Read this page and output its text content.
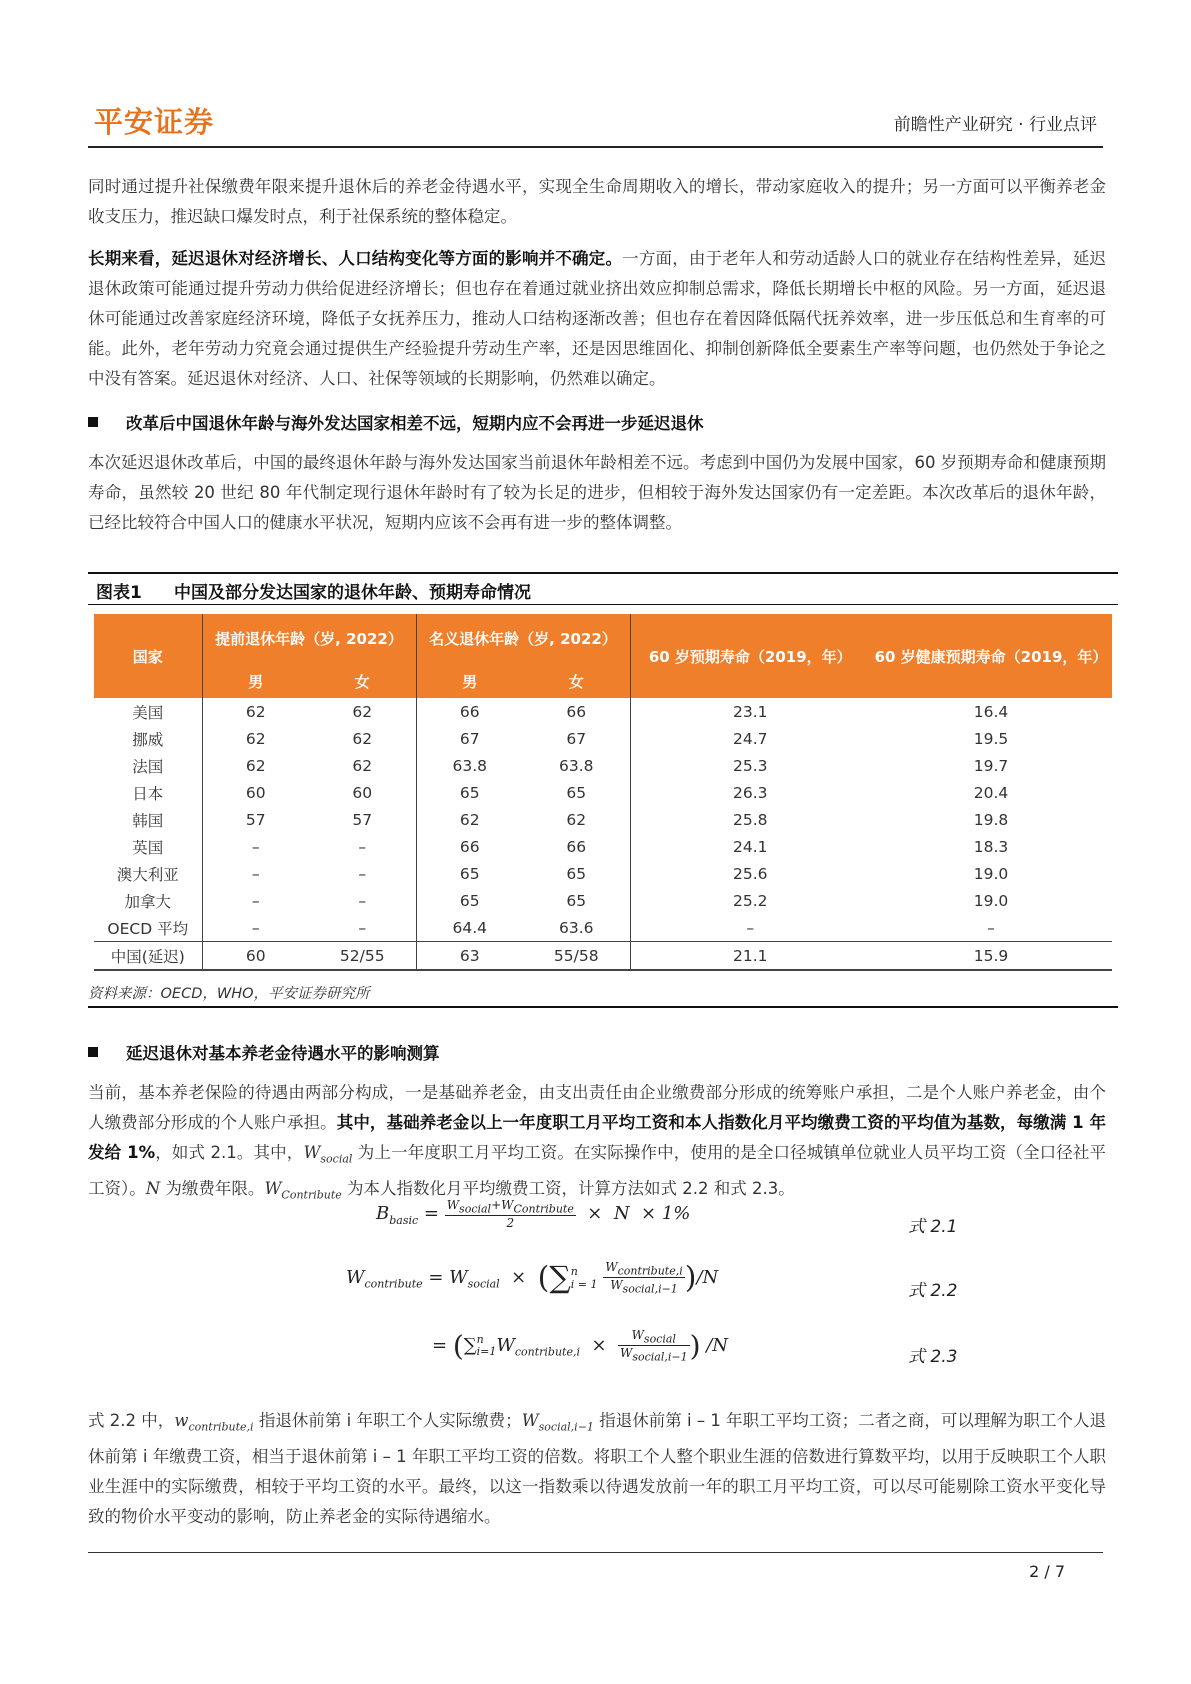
平安证券	前瞻性产业研究 · 行业点评

同时通过提升社保缴费年限来提升退休后的养老金待遇水平，实现全生命周期收入的增长，带动家庭收入的提升；另一方面可以平衡养老金收支压力，推迟缺口爆发时点，利于社保系统的整体稳定。

长期来看，延迟退休对经济增长、人口结构变化等方面的影响并不确定。一方面，由于老年人和劳动适龄人口的就业存在结构性差异，延迟退休政策可能通过提升劳动力供给促进经济增长；但也存在着通过就业挤出效应抑制总需求，降低长期增长中枢的风险。另一方面，延迟退休可能通过改善家庭经济环境，降低子女抚养压力，推动人口结构逐渐改善；但也存在着因降低隔代抚养效率，进一步压低总和生育率的可能。此外，老年劳动力究竟会通过提供生产经验提升劳动生产率，还是因思维固化、抑制创新降低全要素生产率等问题，也仍然处于争论之中没有答案。延迟退休对经济、人口、社保等领域的长期影响，仍然难以确定。

改革后中国退休年龄与海外发达国家相差不远，短期内应不会再进一步延迟退休

本次延迟退休改革后，中国的最终退休年龄与海外发达国家当前退休年龄相差不远。考虑到中国仍为发展中国家，60 岁预期寿命和健康预期寿命，虽然较 20 世纪 80 年代制定现行退休年龄时有了较为长足的进步，但相较于海外发达国家仍有一定差距。本次改革后的退休年龄，已经比较符合中国人口的健康水平状况，短期内应该不会再有进一步的整体调整。

图表1 中国及部分发达国家的退休年龄、预期寿命情况
国家	提前退休年龄（岁, 2022）		名义退休年龄（岁, 2022）		60 岁预期寿命（2019，年）	60 岁健康预期寿命（2019，年）
	男	女	男	女		
美国	62	62	66	66	23.1	16.4
挪威	62	62	67	67	24.7	19.5
法国	62	62	63.8	63.8	25.3	19.7
日本	60	60	65	65	26.3	20.4
韩国	57	57	62	62	25.8	19.8
英国	–	–	66	66	24.1	18.3
澳大利亚	–	–	65	65	25.6	19.0
加拿大	–	–	65	65	25.2	19.0
OECD 平均	–	–	64.4	63.6	–	–
中国(延迟)	60	52/55	63	55/58	21.1	15.9
资料来源：OECD，WHO，平安证券研究所
延迟退休对基本养老金待遇水平的影响测算

当前，基本养老保险的待遇由两部分构成，一是基础养老金，由支出责任由企业缴费部分形成的统筹账户承担，二是个人账户养老金，由个人缴费部分形成的个人账户承担。其中，基础养老金以上一年度职工月平均工资和本人指数化月平均缴费工资的平均值为基数，每缴满 1 年发给 1%，如式 2.1。其中，$W_{social}$ 为上一年度职工月平均工资。在实际操作中，使用的是全口径城镇单位就业人员平均工资（全口径社平工资）。N 为缴费年限。$W_{Contribute}$ 为本人指数化月平均缴费工资，计算方法如式 2.2 和式 2.3。

$B_{basic} = \frac{W_{social}+W_{Contribute}}{2} \times N \times 1\%$
式 2.1
$W_{contribute} = W_{social} \times (\sum n$
$i = 1 \frac{W_{contribute,i}}{W_{social,i-1}} )/N$
式 2.2
= (∑n
$i=1W_{contribute,i} \times \frac{W_{social}}{W_{social,i-1}}$ ) /N
式 2.3

式 2.2 中，$w_{contribute,i}$ 指退休前第 i 年职工个人实际缴费；$W_{social,i-1}$ 指退休前第 i – 1 年职工平均工资；二者之商，可以理解为职工个人退休前第 i 年缴费工资，相当于退休前第 i – 1 年职工平均工资的倍数。将职工个人整个职业生涯的倍数进行算数平均，以用于反映职工个人职业生涯中的实际缴费，相较于平均工资的水平。最终，以这一指数乘以待遇发放前一年的职工月平均工资，可以尽可能剔除工资水平变化导致的物价水平变动的影响，防止养老金的实际待遇缩水。

2 / 7
